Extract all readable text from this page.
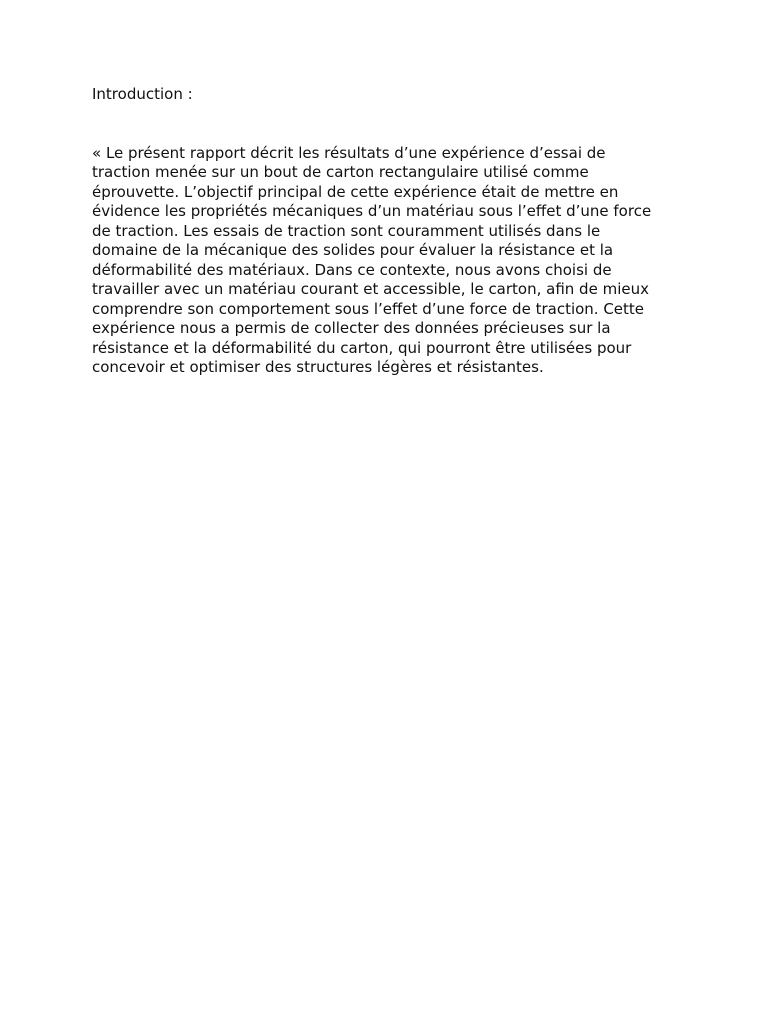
Introduction :

« Le présent rapport décrit les résultats d’une expérience d’essai de
traction menée sur un bout de carton rectangulaire utilisé comme
éprouvette. L’objectif principal de cette expérience était de mettre en
évidence les propriétés mécaniques d’un matériau sous l’effet d’une force
de traction. Les essais de traction sont couramment utilisés dans le
domaine de la mécanique des solides pour évaluer la résistance et la
déformabilité des matériaux. Dans ce contexte, nous avons choisi de
travailler avec un matériau courant et accessible, le carton, afin de mieux
comprendre son comportement sous l’effet d’une force de traction. Cette
expérience nous a permis de collecter des données précieuses sur la
résistance et la déformabilité du carton, qui pourront être utilisées pour
concevoir et optimiser des structures légères et résistantes.
